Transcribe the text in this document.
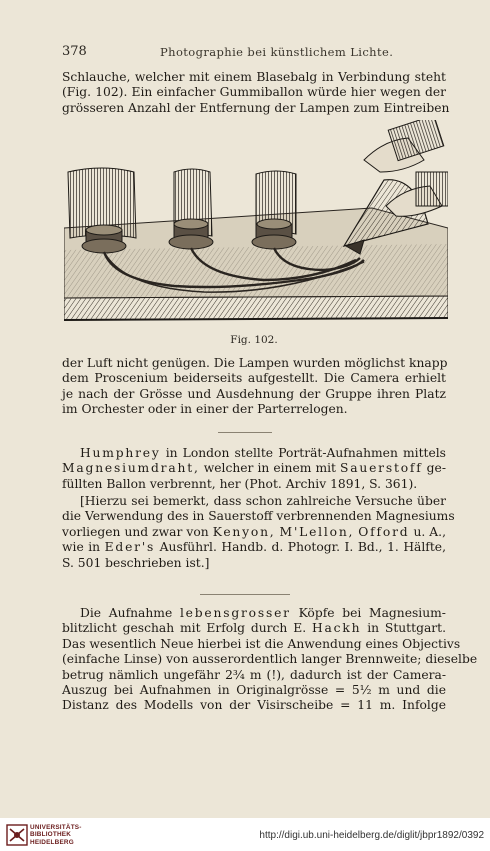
378	Photographie bei künstlichem Lichte.
Schlauche, welcher mit einem Blasebalg in Verbindung steht
(Fig. 102). Ein einfacher Gummiballon würde hier wegen der
grösseren Anzahl der Entfernung der Lampen zum Eintreiben
Fig. 102.
der Luft nicht genügen. Die Lampen wurden möglichst knapp
dem Proscenium beiderseits aufgestellt. Die Camera erhielt
je nach der Grösse und Ausdehnung der Gruppe ihren Platz
im Orchester oder in einer der Parterrelogen.
Humphrey in London stellte Porträt-Aufnahmen mittels
Magnesiumdraht, welcher in einem mit Sauerstoff ge-
füllten Ballon verbrennt, her (Phot. Archiv 1891, S. 361).
[Hierzu sei bemerkt, dass schon zahlreiche Versuche über
die Verwendung des in Sauerstoff verbrennenden Magnesiums
vorliegen und zwar von Kenyon, M'Lellon, Offord u. A.,
wie in Eder's Ausführl. Handb. d. Photogr. I. Bd., 1. Hälfte,
S. 501 beschrieben ist.]
Die Aufnahme lebensgrosser Köpfe bei Magnesium-
blitzlicht geschah mit Erfolg durch E. Hackh in Stuttgart.
Das wesentlich Neue hierbei ist die Anwendung eines Objectivs
(einfache Linse) von ausserordentlich langer Brennweite; dieselbe
betrug nämlich ungefähr 2¾ m (!), dadurch ist der Camera-
Auszug bei Aufnahmen in Originalgrösse = 5½ m und die
Distanz des Modells von der Visirscheibe = 11 m. Infolge
UNIVERSITÄTS-
BIBLIOTHEK
HEIDELBERG
http://digi.ub.uni-heidelberg.de/diglit/jbpr1892/0392
